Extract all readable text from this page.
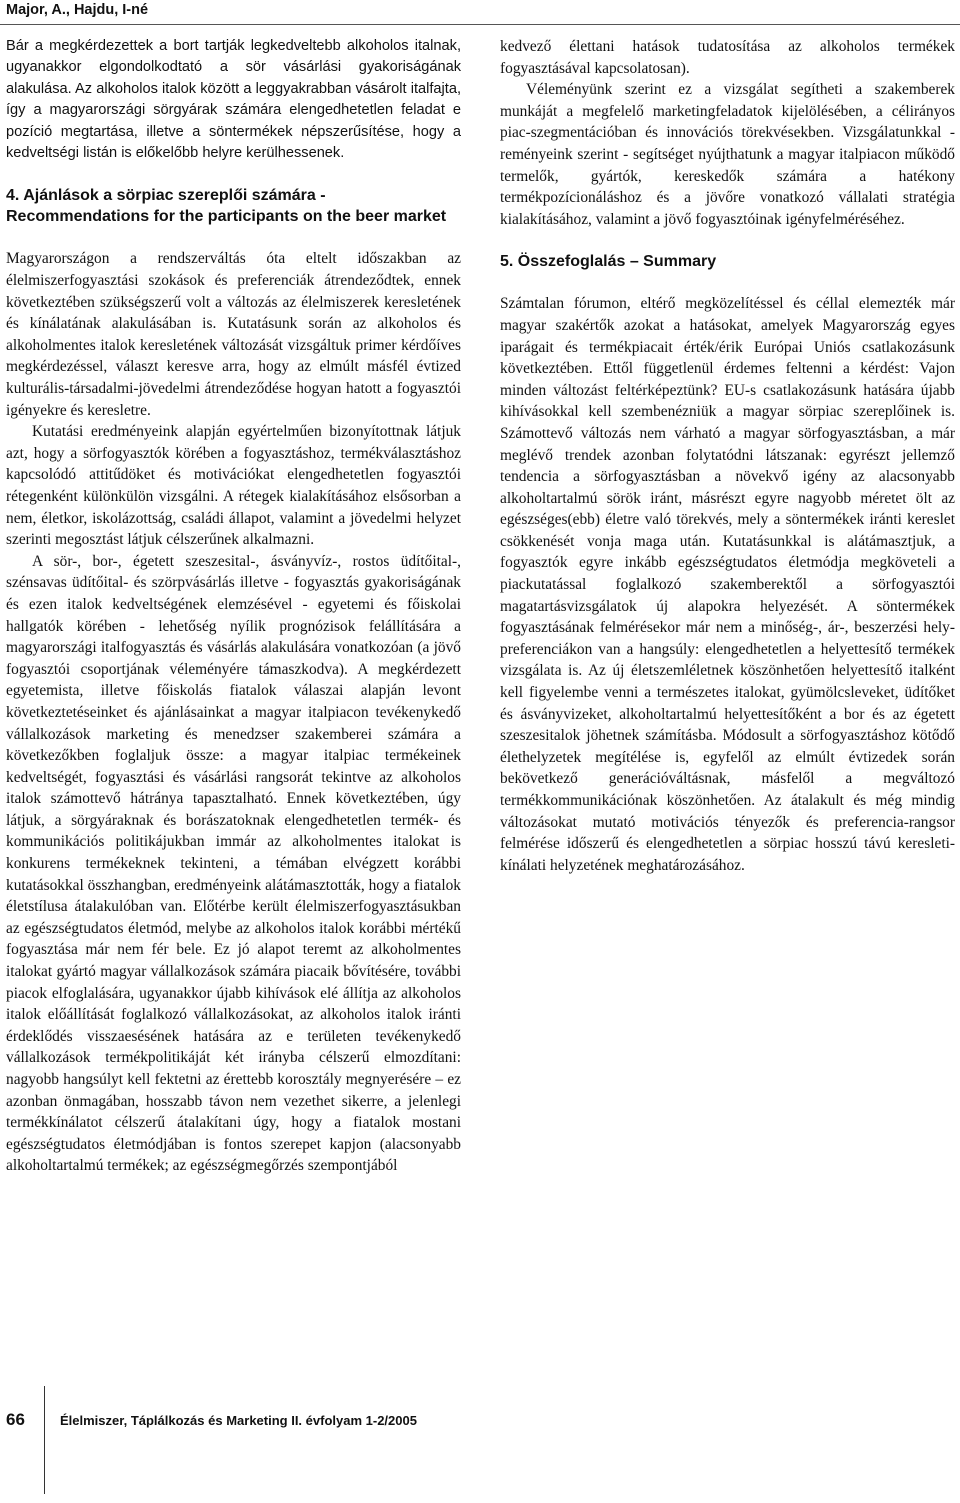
Major, A., Hajdu, I-né

Bár a megkérdezettek a bort tartják legkedveltebb alkoholos italnak, ugyanakkor elgondolkodtató a sör vásárlási gyakoriságának alakulása. Az alkoholos italok között a leggyakrabban vásárolt italfajta, így a magyarországi sörgyárak számára elengedhetetlen feladat e pozíció megtartása, illetve a söntermékek népszerűsítése, hogy a kedveltségi listán is előkelőbb helyre kerülhessenek.

4. Ajánlások a sörpiac szereplői számára - Recommendations for the participants on the beer market

Magyarországon a rendszerváltás óta eltelt időszakban az élelmiszerfogyasztási szokások és preferenciák átrendeződtek, ennek következtében szükségszerű volt a változás az élelmiszerek keresletének és kínálatának alakulásában is. Kutatásunk során az alkoholos és alkoholmentes italok keresletének változását vizsgáltuk primer kérdőíves megkérdezéssel, választ keresve arra, hogy az elmúlt másfél évtized kulturális-társadalmi-jövedelmi átrendeződése hogyan hatott a fogyasztói igényekre és keresletre.

Kutatási eredményeink alapján egyértelműen bizonyítottnak látjuk azt, hogy a sörfogyasztók körében a fogyasztáshoz, termékválasztáshoz kapcsolódó attitűdöket és motivációkat elengedhetetlen fogyasztói rétegenként különkülön vizsgálni. A rétegek kialakításához elsősorban a nem, életkor, iskolázottság, családi állapot, valamint a jövedelmi helyzet szerinti megosztást látjuk célszerűnek alkalmazni.

A sör-, bor-, égetett szeszesital-, ásványvíz-, rostos üdítőital-, szénsavas üdítőital- és szörpvásárlás illetve - fogyasztás gyakoriságának és ezen italok kedveltségének elemzésével - egyetemi és főiskolai hallgatók körében - lehetőség nyílik prognózisok felállítására a magyarországi italfogyasztás és vásárlás alakulására vonatkozóan (a jövő fogyasztói csoportjának véleményére támaszkodva). A megkérdezett egyetemista, illetve főiskolás fiatalok válaszai alapján levont következtetéseinket és ajánlásainkat a magyar italpiacon tevékenykedő vállalkozások marketing és menedzser szakemberei számára a következőkben foglaljuk össze: a magyar italpiac termékeinek kedveltségét, fogyasztási és vásárlási rangsorát tekintve az alkoholos italok számottevő hátránya tapasztalható. Ennek következtében, úgy látjuk, a sörgyáraknak és borászatoknak elengedhetetlen termék- és kommunikációs politikájukban immár az alkoholmentes italokat is konkurens termékeknek tekinteni, a témában elvégzett korábbi kutatásokkal összhangban, eredményeink alátámasztották, hogy a fiatalok életstílusa átalakulóban van. Előtérbe került élelmiszerfogyasztásukban az egészségtudatos életmód, melybe az alkoholos italok korábbi mértékű fogyasztása már nem fér bele. Ez jó alapot teremt az alkoholmentes italokat gyártó magyar vállalkozások számára piacaik bővítésére, további piacok elfoglalására, ugyanakkor újabb kihívások elé állítja az alkoholos italok előállítását foglalkozó vállalkozásokat, az alkoholos italok iránti érdeklődés visszaesésének hatására az e területen tevékenykedő vállalkozások termékpolitikáját két irányba célszerű elmozdítani: nagyobb hangsúlyt kell fektetni az érettebb korosztály megnyerésére – ez azonban önmagában, hosszabb távon nem vezethet sikerre, a jelenlegi termékkínálatot célszerű átalakítani úgy, hogy a fiatalok mostani egészségtudatos életmódjában is fontos szerepet kapjon (alacsonyabb alkoholtartalmú termékek; az egészségmegőrzés szempontjából

kedvező élettani hatások tudatosítása az alkoholos termékek fogyasztásával kapcsolatosan).

Véleményünk szerint ez a vizsgálat segítheti a szakemberek munkáját a megfelelő marketingfeladatok kijelölésében, a célirányos piac-szegmentációban és innovációs törekvésekben. Vizsgálatunkkal - reményeink szerint - segítséget nyújthatunk a magyar italpiacon működő termelők, gyártók, kereskedők számára a hatékony termékpozícionáláshoz és a jövőre vonatkozó vállalati stratégia kialakításához, valamint a jövő fogyasztóinak igényfelméréséhez.

5. Összefoglalás – Summary

Számtalan fórumon, eltérő megközelítéssel és céllal elemezték már magyar szakértők azokat a hatásokat, amelyek Magyarország egyes iparágait és termékpiacait érték/érik Európai Uniós csatlakozásunk következtében. Ettől függetlenül érdemes feltenni a kérdést: Vajon minden változást feltérképeztünk? EU-s csatlakozásunk hatására újabb kihívásokkal kell szembenézniük a magyar sörpiac szereplőinek is. Számottevő változás nem várható a magyar sörfogyasztásban, a már meglévő trendek azonban folytatódni látszanak: egyrészt jellemző tendencia a sörfogyasztásban a növekvő igény az alacsonyabb alkoholtartalmú sörök iránt, másrészt egyre nagyobb méretet ölt az egészséges(ebb) életre való törekvés, mely a söntermékek iránti kereslet csökkenését vonja maga után. Kutatásunkkal is alátámasztjuk, a fogyasztók egyre inkább egészségtudatos életmódja megköveteli a piackutatással foglalkozó szakemberektől a sörfogyasztói magatartásvizsgálatok új alapokra helyezését. A söntermékek fogyasztásának felmérésekor már nem a minőség-, ár-, beszerzési hely-preferenciákon van a hangsúly: elengedhetetlen a helyettesítő termékek vizsgálata is. Az új életszemléletnek köszönhetően helyettesítő italként kell figyelembe venni a természetes italokat, gyümölcsleveket, üdítőket és ásványvizeket, alkoholtartalmú helyettesítőként a bor és az égetett szeszesitalok jöhetnek számításba. Módosult a sörfogyasztáshoz kötődő élethelyzetek megítélése is, egyfelől az elmúlt évtizedek során bekövetkező generációváltásnak, másfelől a megváltozó termékkommunikációnak köszönhetően. Az átalakult és még mindig változásokat mutató motivációs tényezők és preferencia-rangsor felmérése időszerű és elengedhetetlen a sörpiac hosszú távú keresleti-kínálati helyzetének meghatározásához.

66	Élelmiszer, Táplálkozás és Marketing II. évfolyam 1-2/2005
